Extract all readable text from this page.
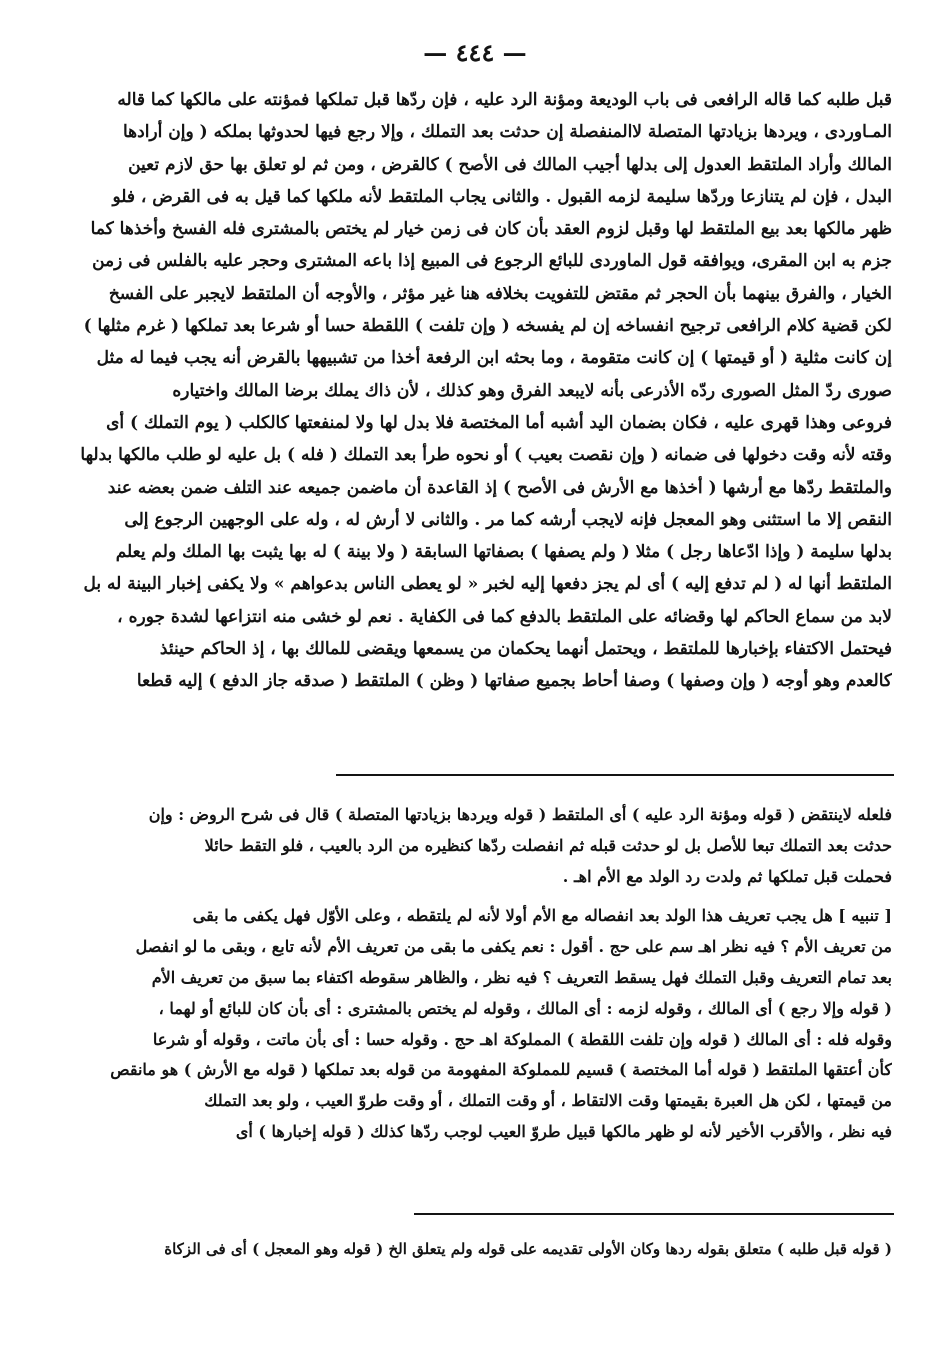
— ٤٤٤ —
قبل طلبه كما قاله الرافعى فى باب الوديعة ومؤنة الرد عليه ، فإن ردّها قبل تملكها فمؤنته على مالكها كما قاله
المـاوردى ، ويردها بزيادتها المتصلة لاالمنفصلة إن حدثت بعد التملك ، وإلا رجع فيها لحدوثها بملكه ( وإن أرادها
المالك وأراد الملتقط العدول إلى بدلها أجيب المالك فى الأصح ) كالقرض ، ومن ثم لو تعلق بها حق لازم تعين
البدل ، فإن لم يتنازعا وردّها سليمة لزمه القبول . والثانى يجاب الملتقط لأنه ملكها كما قيل به فى القرض ، فلو
ظهر مالكها بعد بيع الملتقط لها وقبل لزوم العقد بأن كان فى زمن خيار لم يختص بالمشترى فله الفسخ وأخذها كما
جزم به ابن المقرى، ويوافقه قول الماوردى للبائع الرجوع فى المبيع إذا باعه المشترى وحجر عليه بالفلس فى زمن
الخيار ، والفرق بينهما بأن الحجر ثم مقتض للتفويت بخلافه هنا غير مؤثر ، والأوجه أن الملتقط لايجبر على الفسخ
لكن قضية كلام الرافعى ترجيح انفساخه إن لم يفسخه ( وإن تلفت ) اللقطة حسا أو شرعا بعد تملكها ( غرم مثلها )
إن كانت مثلية ( أو قيمتها ) إن كانت متقومة ، وما بحثه ابن الرفعة أخذا من تشبيهها بالقرض أنه يجب فيما له مثل
صورى ردّ المثل الصورى ردّه الأذرعى بأنه لايبعد الفرق وهو كذلك ، لأن ذاك يملك برضا المالك واختياره
فروعى وهذا قهرى عليه ، فكان بضمان اليد أشبه أما المختصة فلا بدل لها ولا لمنفعتها كالكلب ( يوم التملك ) أى
وقته لأنه وقت دخولها فى ضمانه ( وإن نقصت بعيب ) أو نحوه طرأ بعد التملك ( فله ) بل عليه لو طلب مالكها بدلها
والملتقط ردّها مع أرشها ( أخذها مع الأرش فى الأصح ) إذ القاعدة أن ماضمن جميعه عند التلف ضمن بعضه عند
النقص إلا ما استثنى وهو المعجل فإنه لايجب أرشه كما مر . والثانى لا أرش له ، وله على الوجهين الرجوع إلى
بدلها سليمة ( وإذا ادّعاها رجل ) مثلا ( ولم يصفها ) بصفاتها السابقة ( ولا بينة ) له بها يثبت بها الملك ولم يعلم
الملتقط أنها له ( لم تدفع إليه ) أى لم يجز دفعها إليه لخبر « لو يعطى الناس بدعواهم » ولا يكفى إخبار البينة له بل
لابد من سماع الحاكم لها وقضائه على الملتقط بالدفع كما فى الكفاية . نعم لو خشى منه انتزاعها لشدة جوره ،
فيحتمل الاكتفاء بإخبارها للملتقط ، ويحتمل أنهما يحكمان من يسمعها ويقضى للمالك بها ، إذ الحاكم حينئذ
كالعدم وهو أوجه ( وإن وصفها ) وصفا أحاط بجميع صفاتها ( وظن ) الملتقط ( صدقه جاز الدفع ) إليه قطعا
فلعله لاينتقض ( قوله ومؤنة الرد عليه ) أى الملتقط ( قوله ويردها بزيادتها المتصلة ) قال فى شرح الروض : وإن
حدثت بعد التملك تبعا للأصل بل لو حدثت قبله ثم انفصلت ردّها كنظيره من الرد بالعيب ، فلو التقط حائلا
فحملت قبل تملكها ثم ولدت رد الولد مع الأم اهـ .
[ تنبيه ] هل يجب تعريف هذا الولد بعد انفصاله مع الأم أولا لأنه لم يلتقطه ، وعلى الأوّل فهل يكفى ما بقى
من تعريف الأم ؟ فيه نظر اهـ سم على حج . أقول : نعم يكفى ما بقى من تعريف الأم لأنه تابع ، وبقى ما لو انفصل
بعد تمام التعريف وقبل التملك فهل يسقط التعريف ؟ فيه نظر ، والظاهر سقوطه اكتفاء بما سبق من تعريف الأم
( قوله وإلا رجع ) أى المالك ، وقوله لزمه : أى المالك ، وقوله لم يختص بالمشترى : أى بأن كان للبائع أو لهما ،
وقوله فله : أى المالك ( قوله وإن تلفت اللقطة ) المملوكة اهـ حج . وقوله حسا : أى بأن ماتت ، وقوله أو شرعا
كأن أعتقها الملتقط ( قوله أما المختصة ) قسيم للمملوكة المفهومة من قوله بعد تملكها ( قوله مع الأرش ) هو مانقص
من قيمتها ، لكن هل العبرة بقيمتها وقت الالتقاط ، أو وقت التملك ، أو وقت طروّ العيب ، ولو بعد التملك
فيه نظر ، والأقرب الأخير لأنه لو ظهر مالكها قبيل طروّ العيب لوجب ردّها كذلك ( قوله إخبارها ) أى
( قوله قبل طلبه ) متعلق بقوله ردها وكان الأولى تقديمه على قوله ولم يتعلق الخ ( قوله وهو المعجل ) أى فى الزكاة
